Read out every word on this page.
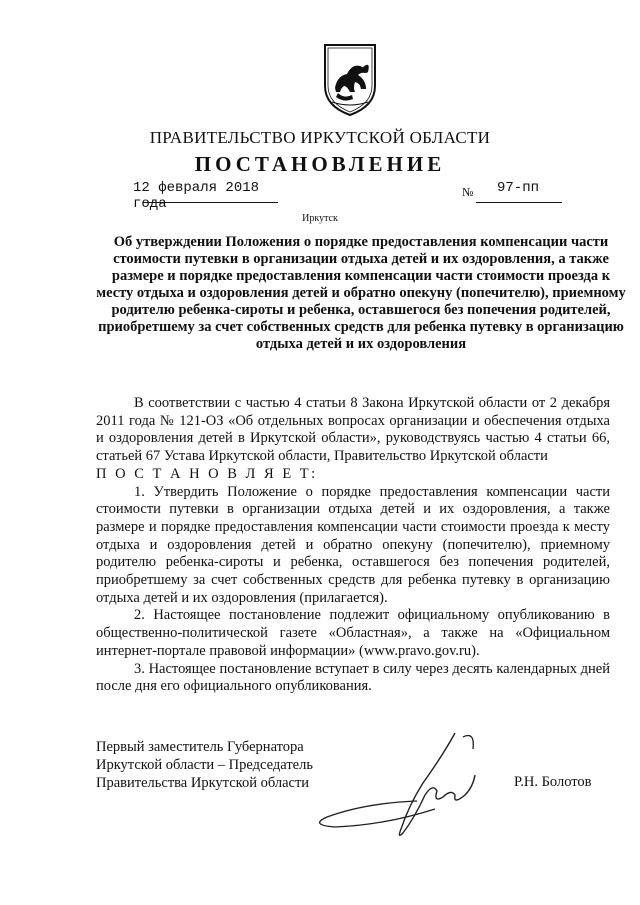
ПРАВИТЕЛЬСТВО ИРКУТСКОЙ ОБЛАСТИ
ПОСТАНОВЛЕНИЕ
12 февраля 2018 года
№ 97-пп
Иркутск
Об утверждении Положения о порядке предоставления компенсации части стоимости путевки в организации отдыха детей и их оздоровления, а также размере и порядке предоставления компенсации части стоимости проезда к месту отдыха и оздоровления детей и обратно опекуну (попечителю), приемному родителю ребенка-сироты и ребенка, оставшегося без попечения родителей, приобретшему за счет собственных средств для ребенка путевку в организацию отдыха детей и их оздоровления

В соответствии с частью 4 статьи 8 Закона Иркутской области от 2 декабря 2011 года № 121-ОЗ «Об отдельных вопросах организации и обеспечения отдыха и оздоровления детей в Иркутской области», руководствуясь частью 4 статьи 66, статьей 67 Устава Иркутской области, Правительство Иркутской области

П О С Т А Н О В Л Я Е Т:

1. Утвердить Положение о порядке предоставления компенсации части стоимости путевки в организации отдыха детей и их оздоровления, а также размере и порядке предоставления компенсации части стоимости проезда к месту отдыха и оздоровления детей и обратно опекуну (попечителю), приемному родителю ребенка-сироты и ребенка, оставшегося без попечения родителей, приобретшему за счет собственных средств для ребенка путевку в организацию отдыха детей и их оздоровления (прилагается).

2. Настоящее постановление подлежит официальному опубликованию в общественно-политической газете «Областная», а также на «Официальном интернет-портале правовой информации» (www.pravo.gov.ru).

3. Настоящее постановление вступает в силу через десять календарных дней после дня его официального опубликования.

Первый заместитель Губернатора
Иркутской области – Председатель
Правительства Иркутской области	Р.Н. Болотов
